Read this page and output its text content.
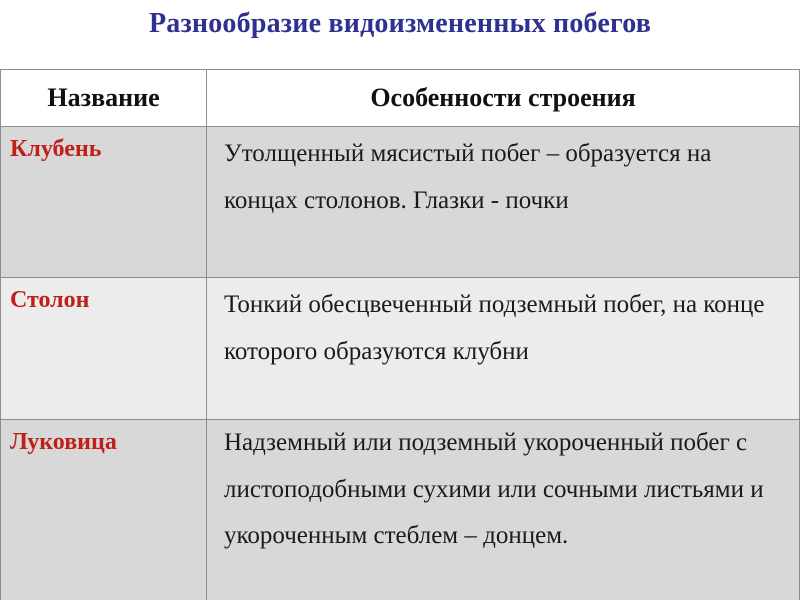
Разнообразие видоизмененных побегов
Название	Особенности строения

Клубень	Утолщенный мясистый побег – образуется на концах столонов. Глазки - почки

Столон	Тонкий обесцвеченный подземный побег, на конце которого образуются клубни

Луковица	Надземный или подземный укороченный побег с листоподобными сухими или сочными листьями и укороченным стеблем – донцем.
